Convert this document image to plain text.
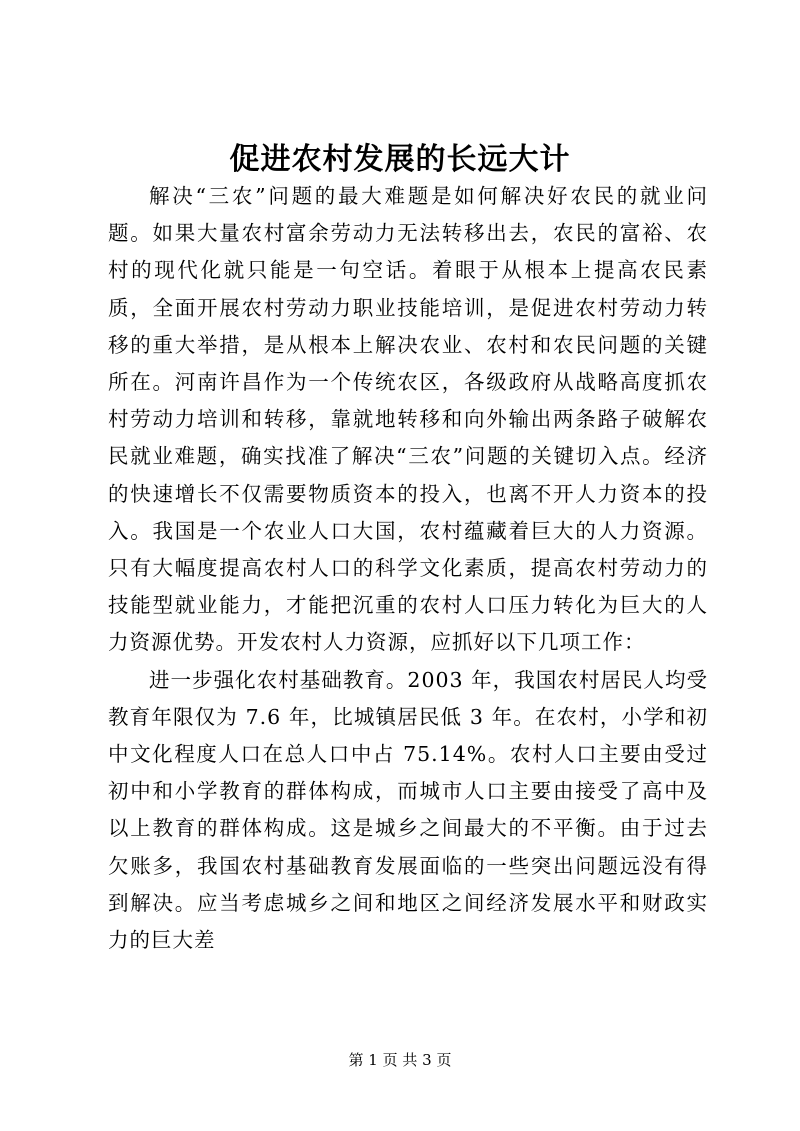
促进农村发展的长远大计

解决“三农”问题的最大难题是如何解决好农民的就业问题。如果大量农村富余劳动力无法转移出去，农民的富裕、农村的现代化就只能是一句空话。着眼于从根本上提高农民素质，全面开展农村劳动力职业技能培训，是促进农村劳动力转移的重大举措，是从根本上解决农业、农村和农民问题的关键所在。河南许昌作为一个传统农区，各级政府从战略高度抓农村劳动力培训和转移，靠就地转移和向外输出两条路子破解农民就业难题，确实找准了解决“三农”问题的关键切入点。经济的快速增长不仅需要物质资本的投入，也离不开人力资本的投入。我国是一个农业人口大国，农村蕴藏着巨大的人力资源。只有大幅度提高农村人口的科学文化素质，提高农村劳动力的技能型就业能力，才能把沉重的农村人口压力转化为巨大的人力资源优势。开发农村人力资源，应抓好以下几项工作：

进一步强化农村基础教育。2003 年，我国农村居民人均受教育年限仅为 7.6 年，比城镇居民低 3 年。在农村，小学和初中文化程度人口在总人口中占 75.14%。农村人口主要由受过初中和小学教育的群体构成，而城市人口主要由接受了高中及以上教育的群体构成。这是城乡之间最大的不平衡。由于过去欠账多，我国农村基础教育发展面临的一些突出问题远没有得到解决。应当考虑城乡之间和地区之间经济发展水平和财政实力的巨大差

第 1 页 共 3 页
